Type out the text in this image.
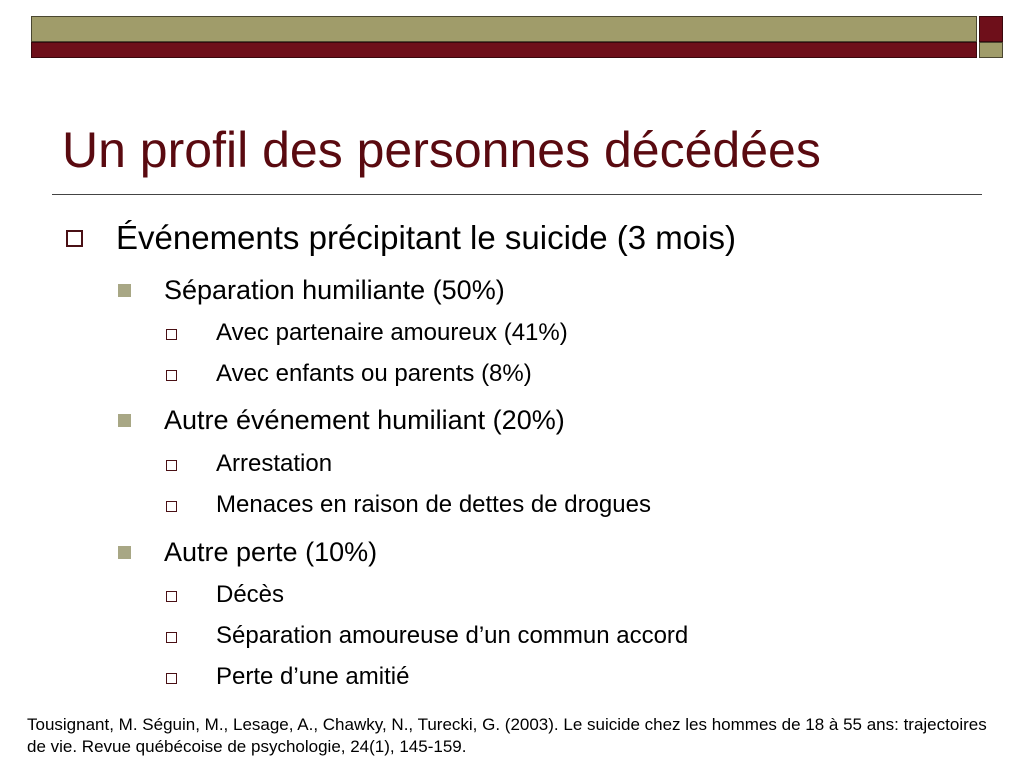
Un profil des personnes décédées
Événements précipitant le suicide (3 mois)
Séparation humiliante (50%)
Avec partenaire amoureux (41%)
Avec enfants ou parents (8%)
Autre événement humiliant (20%)
Arrestation
Menaces en raison de dettes de drogues
Autre perte (10%)
Décès
Séparation amoureuse d’un commun accord
Perte d’une amitié
Tousignant, M. Séguin, M., Lesage, A., Chawky, N., Turecki, G. (2003). Le suicide chez les hommes de 18 à 55 ans: trajectoires de vie. Revue québécoise de psychologie, 24(1), 145-159.
